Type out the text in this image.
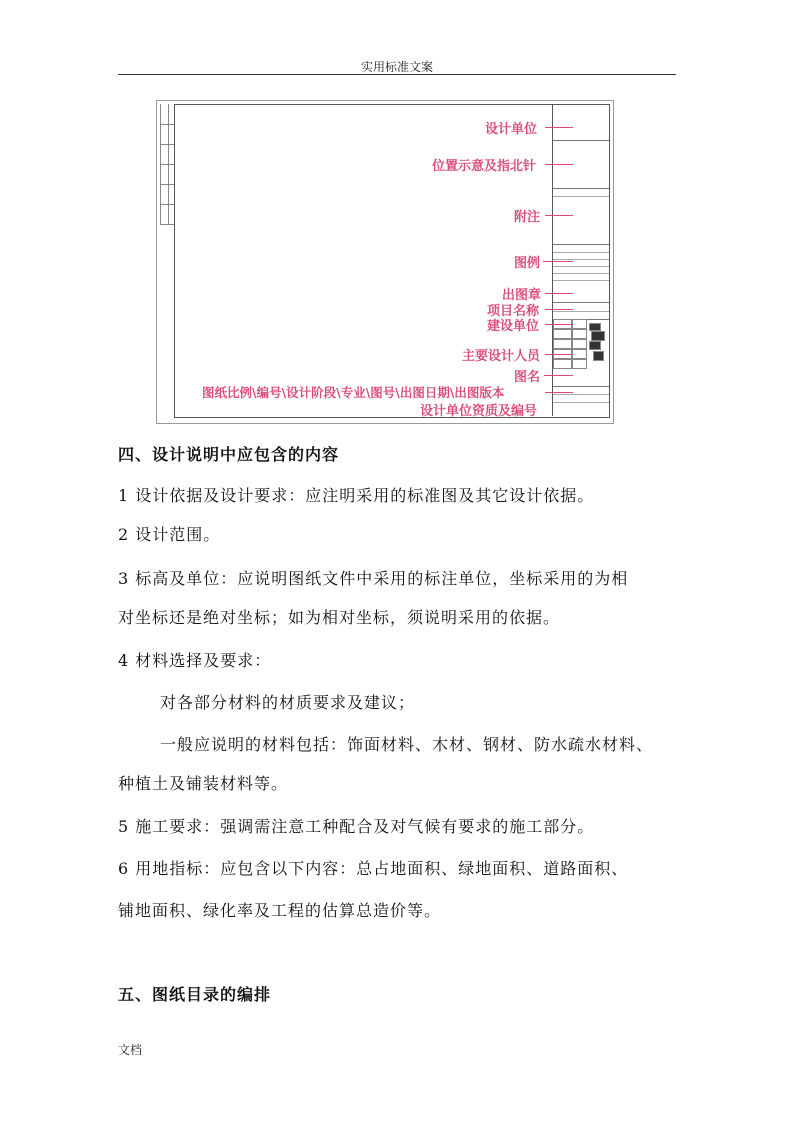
实用标准文案
设计单位
位置示意及指北针
附注
图例
出图章
项目名称
建设单位
主要设计人员
图名
图纸比例\编号\设计阶段\专业\图号\出图日期\出图版本
设计单位资质及编号
四、设计说明中应包含的内容
1 设计依据及设计要求：应注明采用的标准图及其它设计依据。
2 设计范围。
3 标高及单位：应说明图纸文件中采用的标注单位，坐标采用的为相
对坐标还是绝对坐标；如为相对坐标，须说明采用的依据。
4 材料选择及要求：
对各部分材料的材质要求及建议；
一般应说明的材料包括：饰面材料、木材、钢材、防水疏水材料、
种植土及铺装材料等。
5 施工要求：强调需注意工种配合及对气候有要求的施工部分。
6 用地指标：应包含以下内容：总占地面积、绿地面积、道路面积、
铺地面积、绿化率及工程的估算总造价等。
五、图纸目录的编排
文档
